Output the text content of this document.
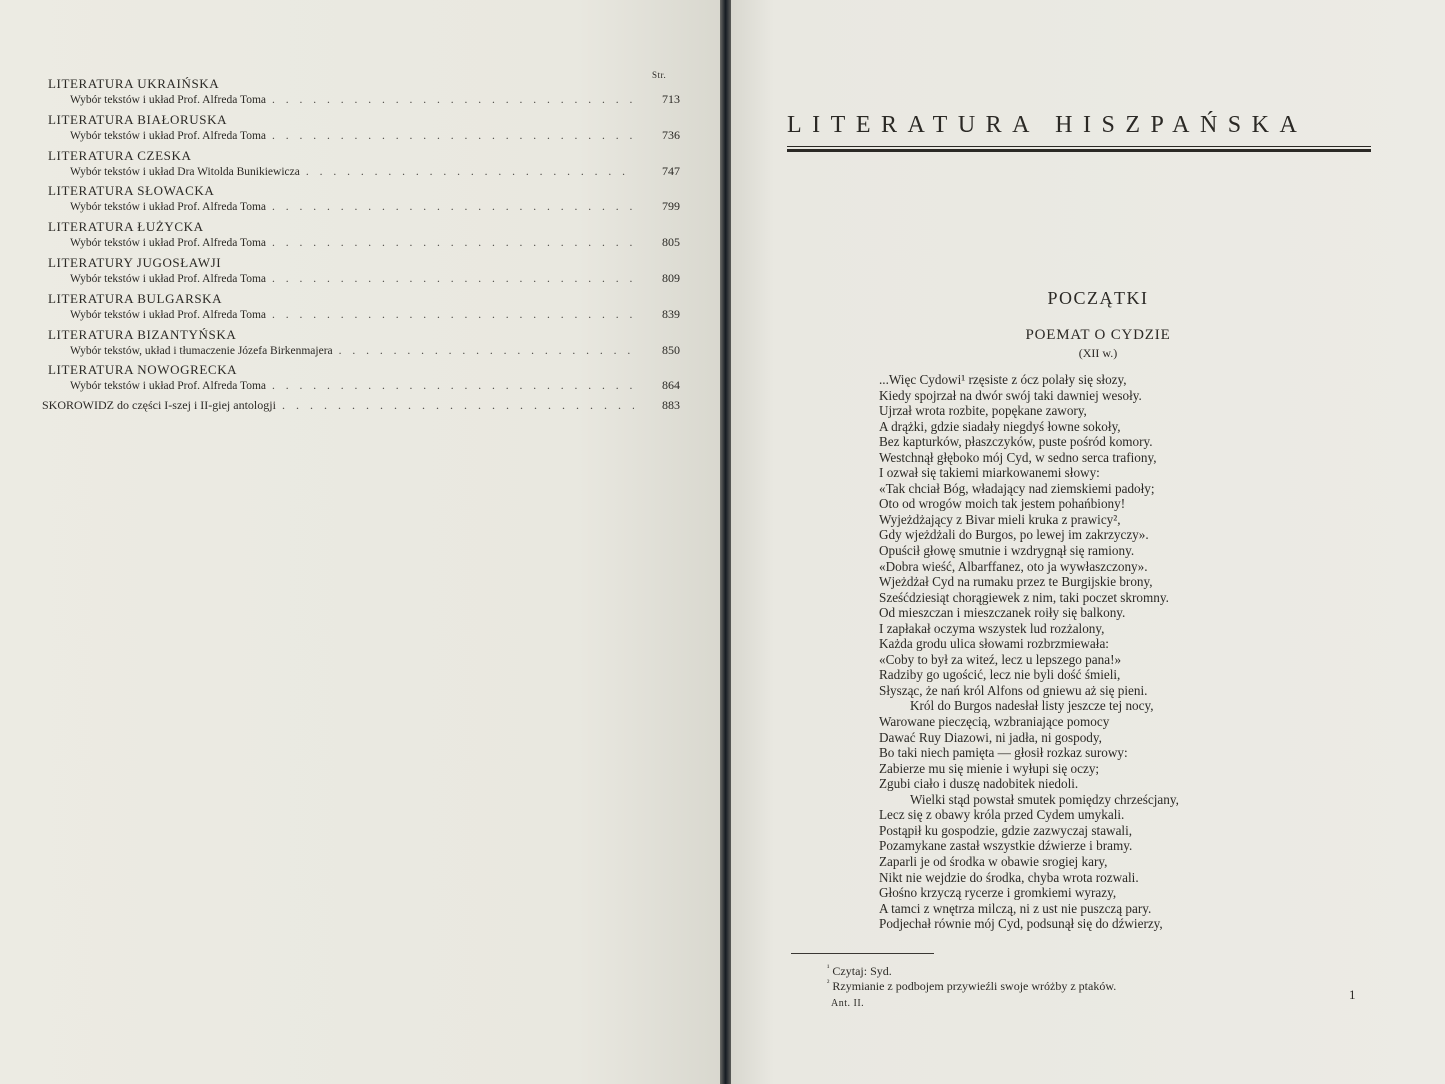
Str.
LITERATURA UKRAIŃSKA
Wybór tekstów i układ Prof. Alfreda Toma . . .	713
LITERATURA BIAŁORUSKA
Wybór tekstów i układ Prof. Alfreda Toma . . .	736
LITERATURA CZESKA
Wybór tekstów i układ Dra Witolda Bunikiewicza . . .	747
LITERATURA SŁOWACKA
Wybór tekstów i układ Prof. Alfreda Toma . . .	799
LITERATURA ŁUŻYCKA
Wybór tekstów i układ Prof. Alfreda Toma . . .	805
LITERATURY JUGOSŁAWJI
Wybór tekstów i układ Prof. Alfreda Toma . . .	809
LITERATURA BULGARSKA
Wybór tekstów i układ Prof. Alfreda Toma . . .	839
LITERATURA BIZANTYŃSKA
Wybór tekstów, układ i tłumaczenie Józefa Birkenmajera . . .	850
LITERATURA NOWOGRECKA
Wybór tekstów i układ Prof. Alfreda Toma . . .	864
SKOROWIDZ do części I-szej i II-giej antologji . . .	883
LITERATURA HISZPAŃSKA
POCZĄTKI
POEMAT O CYDZIE
(XII w.)
...Więc Cydowi¹ rzęsiste z ócz polały się słozy,
Kiedy spojrzał na dwór swój taki dawniej wesoły.
Ujrzał wrota rozbite, popękane zawory,
A drążki, gdzie siadały niegdyś łowne sokoły,
Bez kapturków, płaszczyków, puste pośród komory.
Westchnął głęboko mój Cyd, w sedno serca trafiony,
I ozwał się takiemi miarkowanemi słowy:
«Tak chciał Bóg, władający nad ziemskiemi padoły;
Oto od wrogów moich tak jestem pohańbiony!
Wyjeżdżający z Bivar mieli kruka z prawicy²,
Gdy wjeżdżali do Burgos, po lewej im zakrzyczy».
Opuścił głowę smutnie i wzdrygnął się ramiony.
«Dobra wieść, Albarffanez, oto ja wywłaszczony».
Wjeżdżał Cyd na rumaku przez te Burgijskie brony,
Sześćdziesiąt chorągiewek z nim, taki poczet skromny.
Od mieszczan i mieszczanek roiły się balkony.
I zapłakał oczyma wszystek lud rozżalony,
Każda grodu ulica słowami rozbrzmiewała:
«Coby to był za witeź, lecz u lepszego pana!»
Radziby go ugościć, lecz nie byli dość śmieli,
Słysząc, że nań król Alfons od gniewu aż się pieni.
Król do Burgos nadesłał listy jeszcze tej nocy,
Warowane pieczęcią, wzbraniające pomocy
Dawać Ruy Diazowi, ni jadła, ni gospody,
Bo taki niech pamięta — głosił rozkaz surowy:
Zabierze mu się mienie i wyłupi się oczy;
Zgubi ciało i duszę nadobitek niedoli.
Wielki stąd powstał smutek pomiędzy chrześcjany,
Lecz się z obawy króla przed Cydem umykali.
Postąpił ku gospodzie, gdzie zazwyczaj stawali,
Pozamykane zastał wszystkie dźwierze i bramy.
Zaparli je od środka w obawie srogiej kary,
Nikt nie wejdzie do środka, chyba wrota rozwali.
Głośno krzyczą rycerze i gromkiemi wyrazy,
A tamci z wnętrza milczą, ni z ust nie puszczą pary.
Podjechał równie mój Cyd, podsunął się do dźwierzy,
$^{^1}$ Czytaj: Syd.
$^{^2}$ Rzymianie z podbojem przywieźli swoje wróżby z ptaków.
Ant. II.
1
